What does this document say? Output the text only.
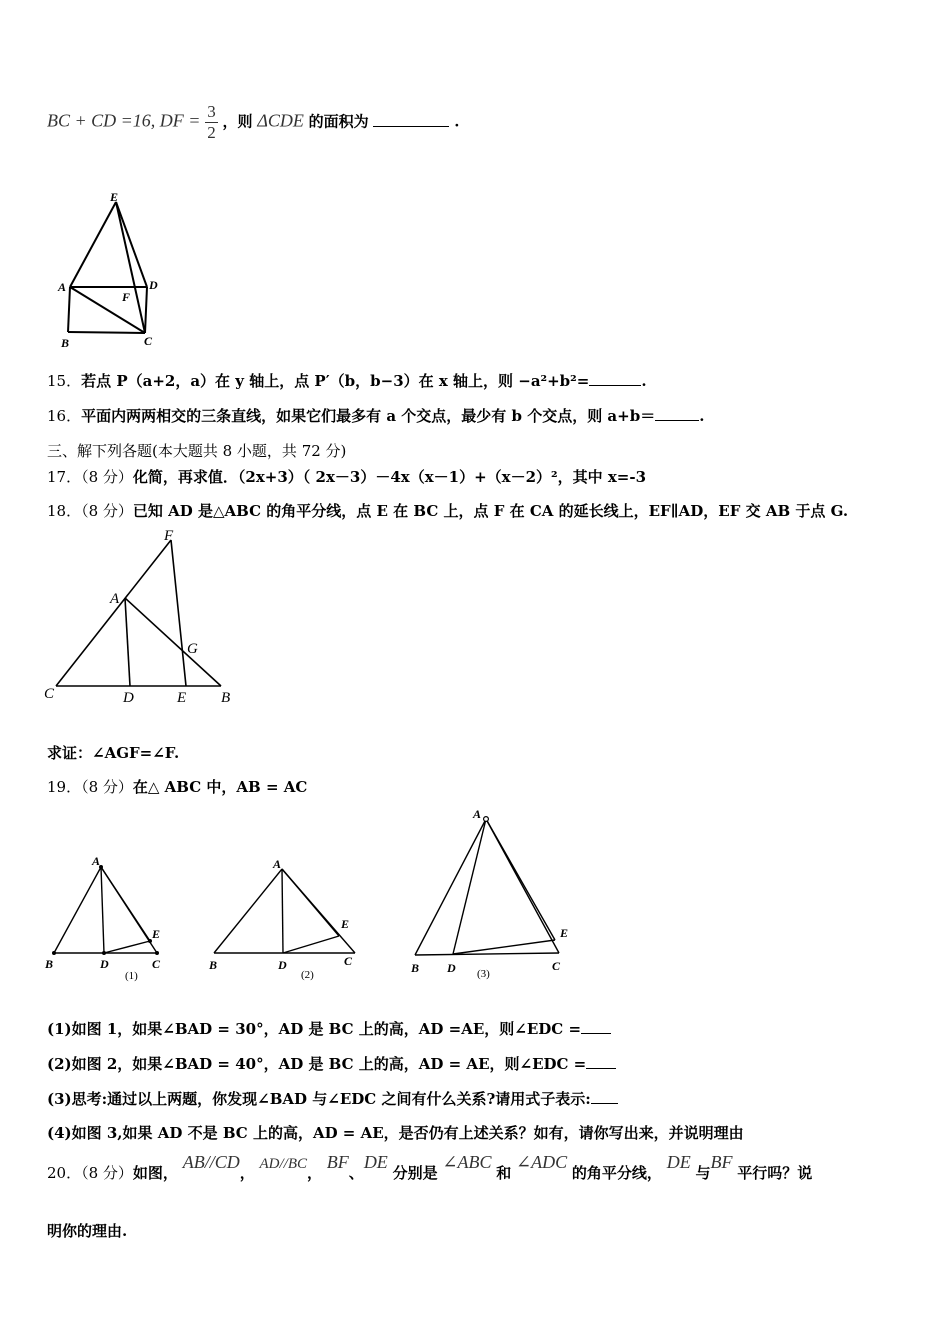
BC + CD =16, DF = $\frac{3}{2}$ ，则 ΔCDE 的面积为	.
E
A	D
F
B	C
15．若点 P（a+2，a）在 y 轴上，点 P′（b，b−3）在 x 轴上，则 −a²+b²=	.
16．平面内两两相交的三条直线，如果它们最多有 a 个交点，最少有 b 个交点，则 a+b＝	.
三、解下列各题(本大题共 8 小题，共 72 分)
17．（8 分）化简，再求值．（2x+3）（ 2x－3）－4x（x－1）+（x－2）²，其中 x=-3
18．（8 分）已知 AD 是△ABC 的角平分线，点 E 在 BC 上，点 F 在 CA 的延长线上，EF∥AD，EF 交 AB 于点 G.
F
A
G
C	D	E B
求证：∠AGF=∠F.
19．（8 分）在△ ABC 中，AB = AC
A
B	D
E
C
(1)
A
B	D
E
C
(2)
A
B D
E
C
(3)
(1)如图 1，如果∠BAD = 30°，AD 是 BC 上的高，AD =AE，则∠EDC =
(2)如图 2，如果∠BAD = 40°，AD 是 BC 上的高，AD = AE，则∠EDC =
(3)思考:通过以上两题，你发现∠BAD 与∠EDC 之间有什么关系?请用式子表示:
(4)如图 3,如果 AD 不是 BC 上的高，AD = AE，是否仍有上述关系？如有，请你写出来，并说明理由
20．（8 分）如图， AB//CD， AD//BC， BF、DE 分别是 ∠ABC 和 ∠ADC 的角平分线， DE 与BF 平行吗？说
明你的理由.
